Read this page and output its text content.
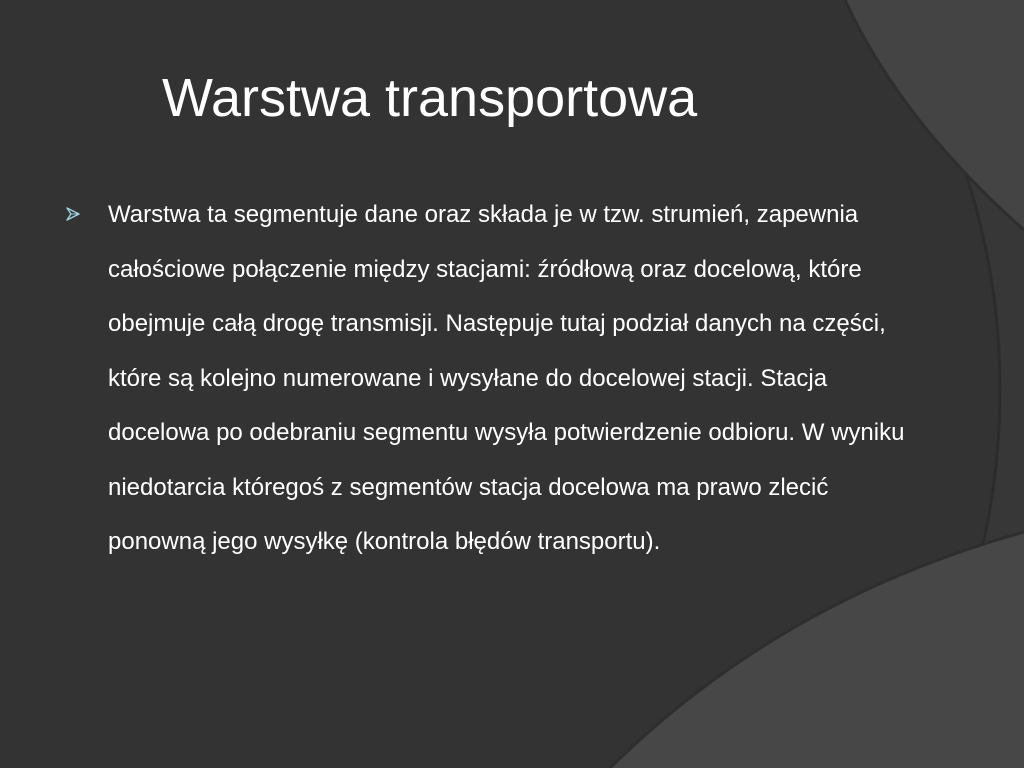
Warstwa transportowa

Warstwa ta segmentuje dane oraz składa je w tzw. strumień, zapewnia całościowe połączenie między stacjami: źródłową oraz docelową, które obejmuje całą drogę transmisji. Następuje tutaj podział danych na części, które są kolejno numerowane i wysyłane do docelowej stacji. Stacja docelowa po odebraniu segmentu wysyła potwierdzenie odbioru. W wyniku niedotarcia któregoś z segmentów stacja docelowa ma prawo zlecić ponowną jego wysyłkę (kontrola błędów transportu).
